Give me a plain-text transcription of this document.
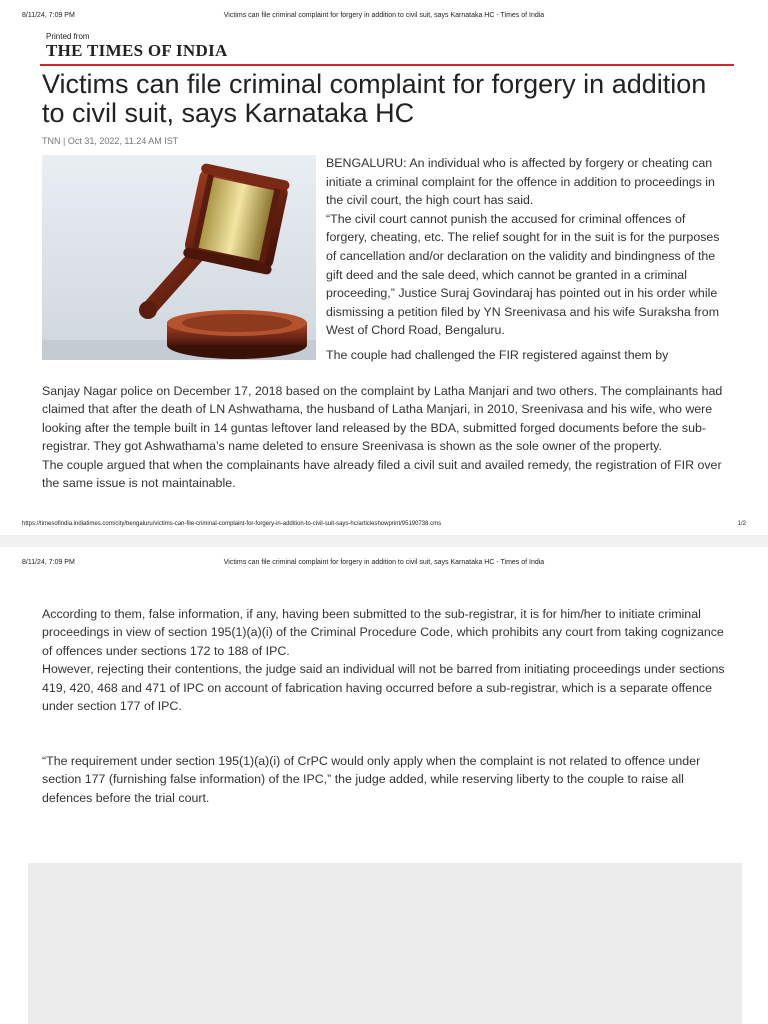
8/11/24, 7:09 PM	Victims can file criminal complaint for forgery in addition to civil suit, says Karnataka HC - Times of India
Printed from
THE TIMES OF INDIA
Victims can file criminal complaint for forgery in addition to civil suit, says Karnataka HC
TNN | Oct 31, 2022, 11.24 AM IST

BENGALURU: An individual who is affected by forgery or cheating can initiate a criminal complaint for the offence in addition to proceedings in the civil court, the high court has said.

“The civil court cannot punish the accused for criminal offences of forgery, cheating, etc. The relief sought for in the suit is for the purposes of cancellation and/or declaration on the validity and bindingness of the gift deed and the sale deed, which cannot be granted in a criminal proceeding,” Justice Suraj Govindaraj has pointed out in his order while dismissing a petition filed by YN Sreenivasa and his wife Suraksha from West of Chord Road, Bengaluru.

The couple had challenged the FIR registered against them by

Sanjay Nagar police on December 17, 2018 based on the complaint by Latha Manjari and two others. The complainants had claimed that after the death of LN Ashwathama, the husband of Latha Manjari, in 2010, Sreenivasa and his wife, who were looking after the temple built in 14 guntas leftover land released by the BDA, submitted forged documents before the sub-registrar. They got Ashwathama’s name deleted to ensure Sreenivasa is shown as the sole owner of the property.

The couple argued that when the complainants have already filed a civil suit and availed remedy, the registration of FIR over the same issue is not maintainable.

https://timesofindia.indiatimes.com/city/bengaluru/victims-can-file-criminal-complaint-for-forgery-in-addition-to-civil-suit-says-hc/articleshowprint/95190738.cms	1/2
8/11/24, 7:09 PM	Victims can file criminal complaint for forgery in addition to civil suit, says Karnataka HC - Times of India

According to them, false information, if any, having been submitted to the sub-registrar, it is for him/her to initiate criminal proceedings in view of section 195(1)(a)(i) of the Criminal Procedure Code, which prohibits any court from taking cognizance of offences under sections 172 to 188 of IPC.

However, rejecting their contentions, the judge said an individual will not be barred from initiating proceedings under sections 419, 420, 468 and 471 of IPC on account of fabrication having occurred before a sub-registrar, which is a separate offence under section 177 of IPC.

“The requirement under section 195(1)(a)(i) of CrPC would only apply when the complaint is not related to offence under section 177 (furnishing false information) of the IPC,” the judge added, while reserving liberty to the couple to raise all defences before the trial court.
